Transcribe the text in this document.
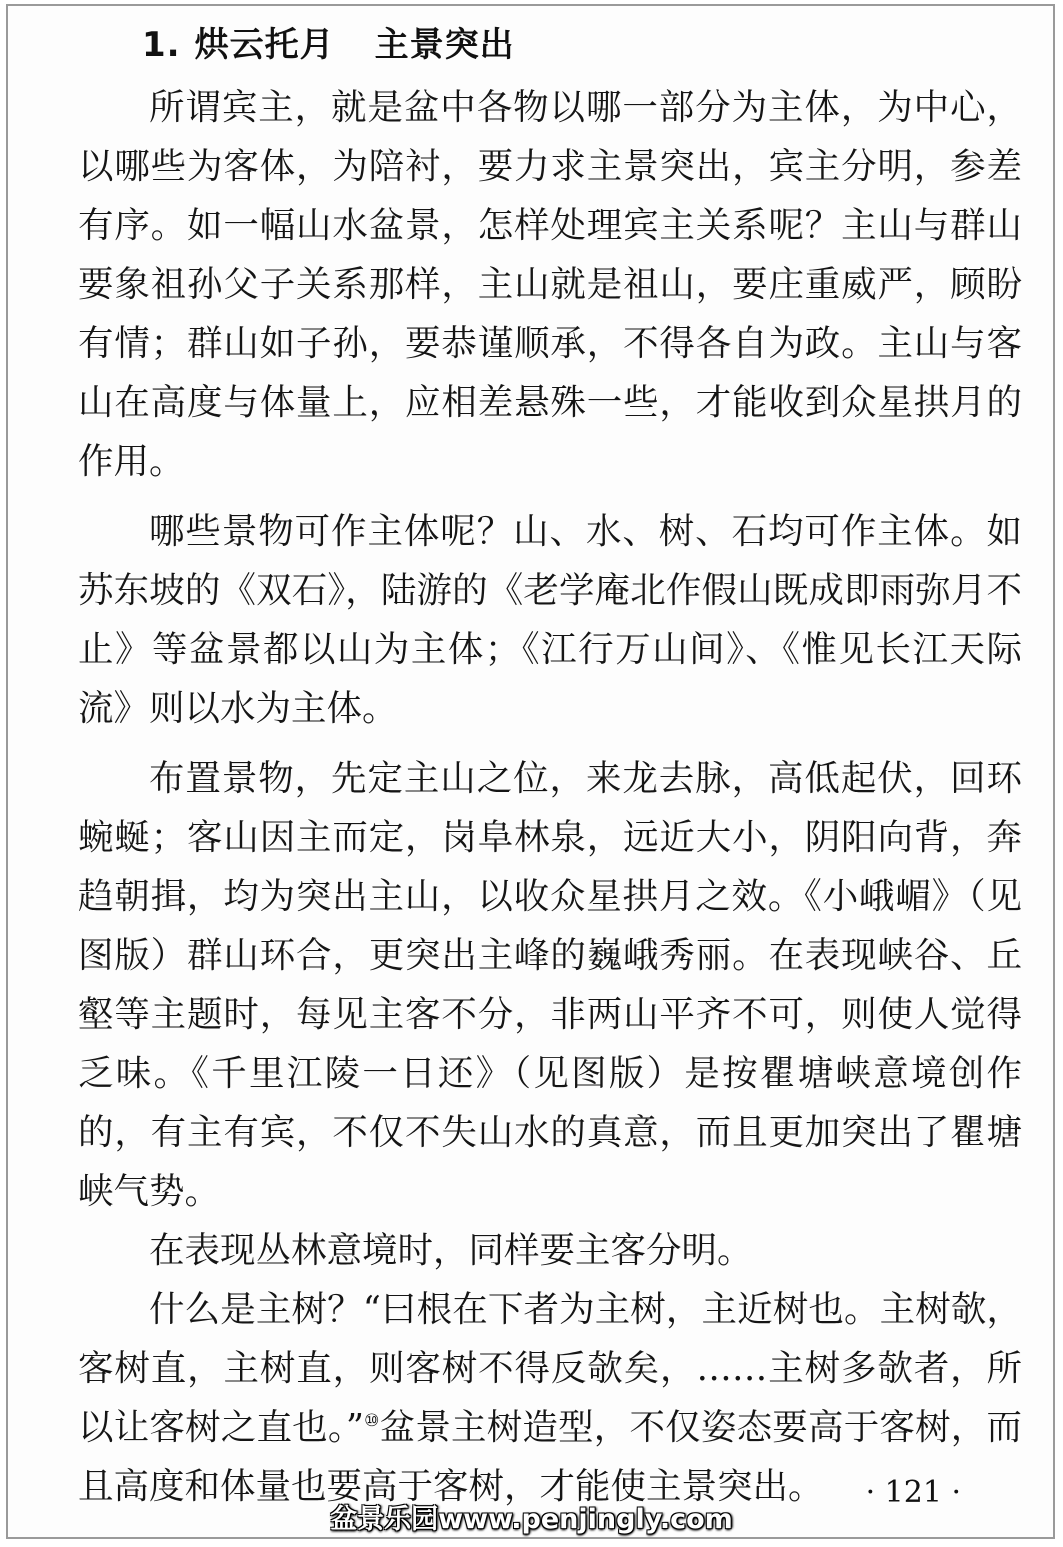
1. 烘云托月 主景突出

所谓宾主，就是盆中各物以哪一部分为主体，为中心，以哪些为客体，为陪衬，要力求主景突出，宾主分明，参差有序。如一幅山水盆景，怎样处理宾主关系呢？主山与群山要象祖孙父子关系那样，主山就是祖山，要庄重威严，顾盼有情；群山如子孙，要恭谨顺承，不得各自为政。主山与客山在高度与体量上，应相差悬殊一些，才能收到众星拱月的作用。

哪些景物可作主体呢？山、水、树、石均可作主体。如苏东坡的《双石》，陆游的《老学庵北作假山既成即雨弥月不止》等盆景都以山为主体；《江行万山间》、《惟见长江天际流》则以水为主体。

布置景物，先定主山之位，来龙去脉，高低起伏，回环蜿蜒；客山因主而定，岗阜林泉，远近大小，阴阳向背，奔趋朝揖，均为突出主山，以收众星拱月之效。《小峨嵋》（见图版）群山环合，更突出主峰的巍峨秀丽。在表现峡谷、丘壑等主题时，每见主客不分，非两山平齐不可，则使人觉得乏味。《千里江陵一日还》（见图版）是按瞿塘峡意境创作的，有主有宾，不仅不失山水的真意，而且更加突出了瞿塘峡气势。

在表现丛林意境时，同样要主客分明。

什么是主树？“曰根在下者为主树，主近树也。主树欹，客树直，主树直，则客树不得反欹矣，……主树多欹者，所以让客树之直也。”⑩盆景主树造型，不仅姿态要高于客树，而且高度和体量也要高于客树，才能使主景突出。	· 121 ·
盆景乐园www.penjingly.com
